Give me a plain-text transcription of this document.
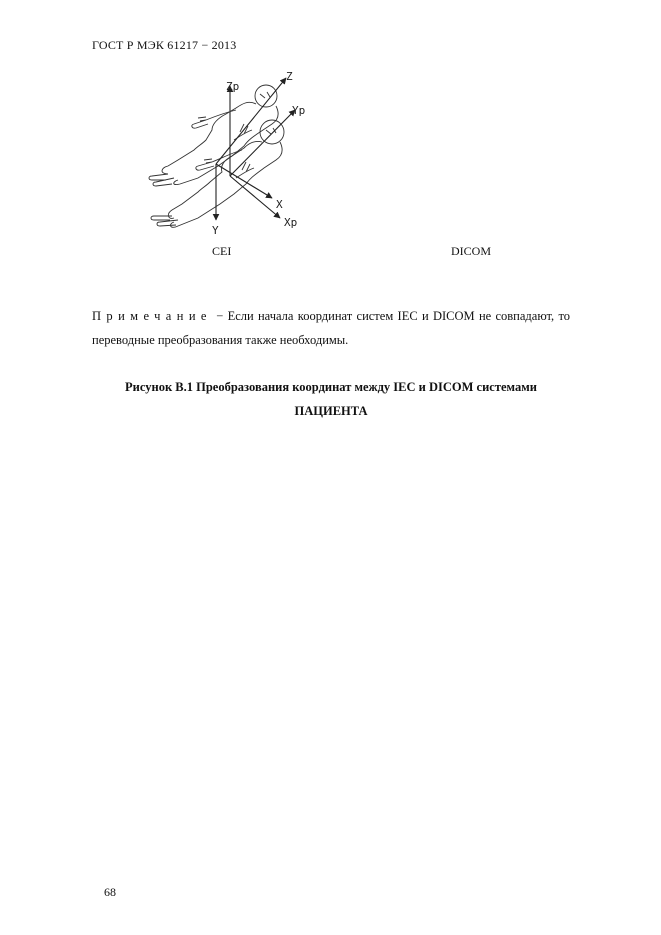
ГОСТ Р МЭК 61217 − 2013
Zp
Yp
Xp
Z
Y
X
CEI	DICOM
Примечание − Если начала координат систем IEC и DICOM не совпадают, то переводные преобразования также необходимы.
Рисунок В.1 Преобразования координат между IEC и DICOM системами
ПАЦИЕНТА
68
